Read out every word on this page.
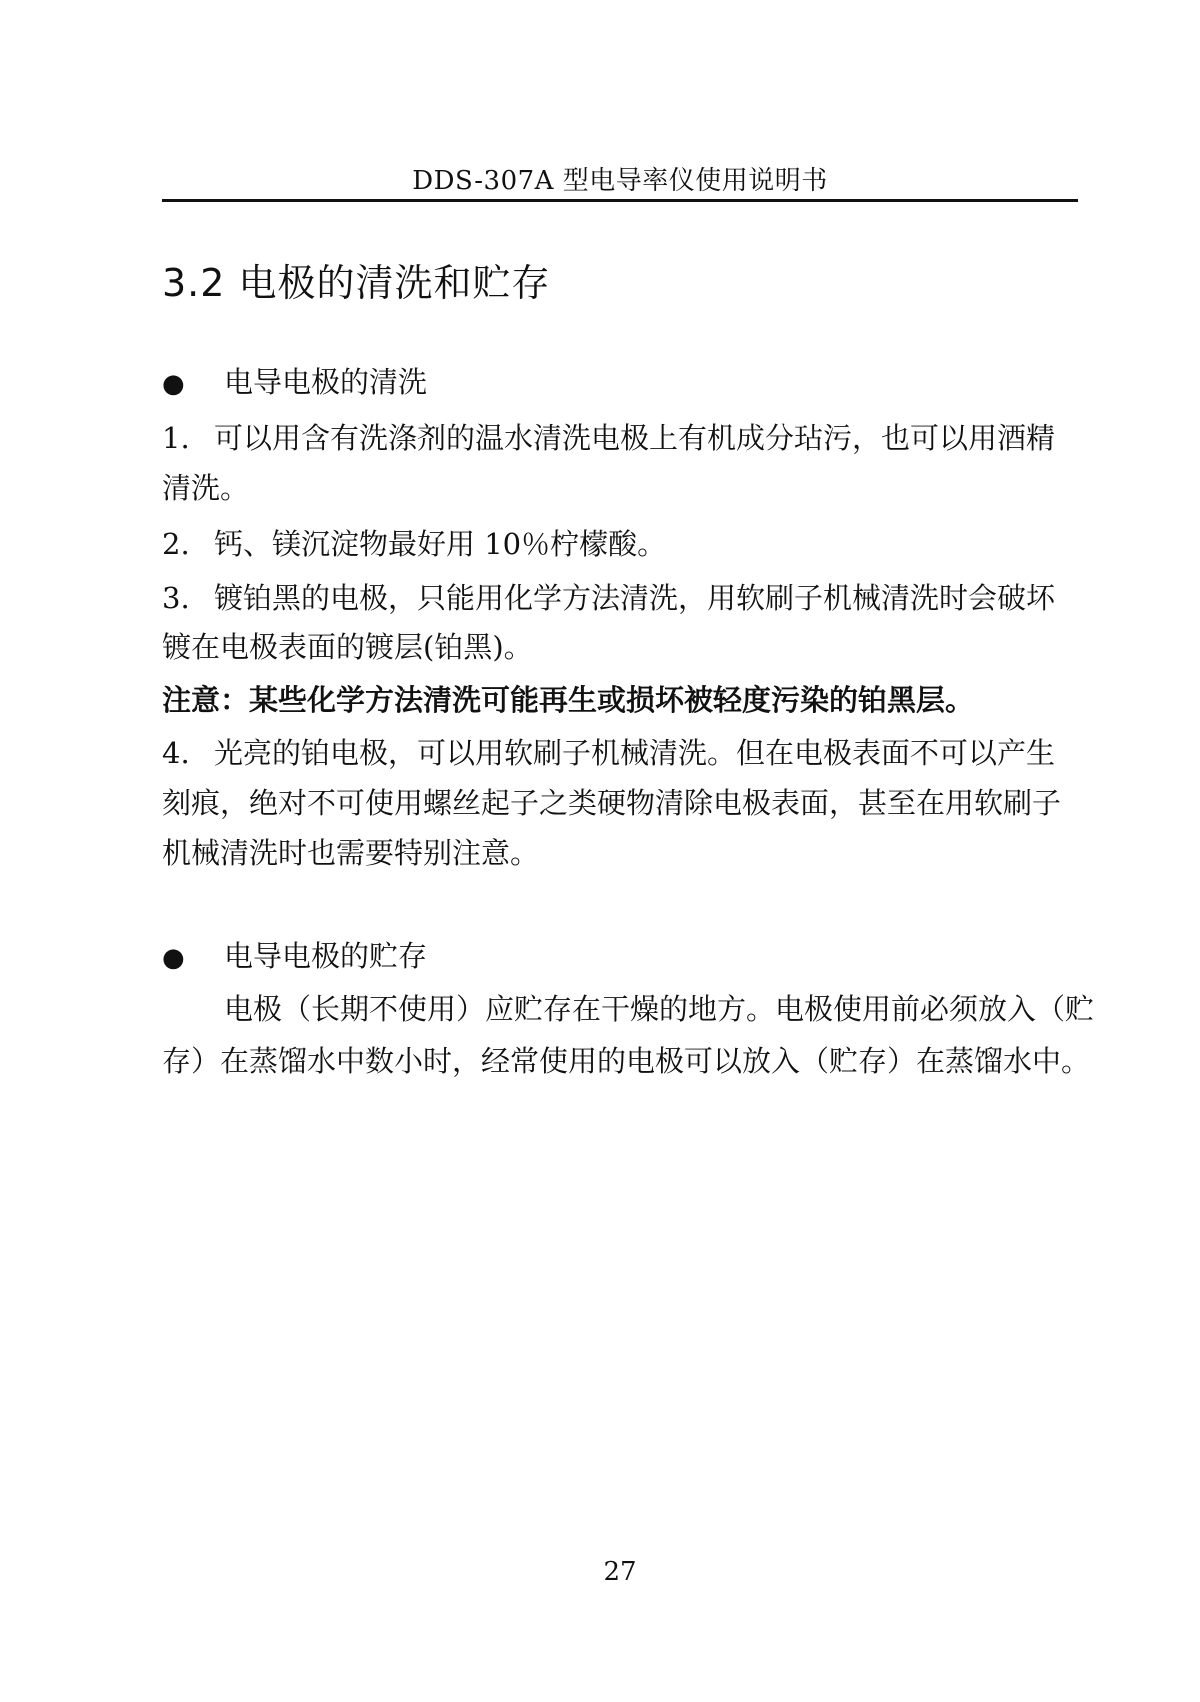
DDS-307A 型电导率仪使用说明书
3.2 电极的清洗和贮存
● 电导电极的清洗
1. 可以用含有洗涤剂的温水清洗电极上有机成分玷污，也可以用酒精
清洗。
2. 钙、镁沉淀物最好用 10％柠檬酸。
3. 镀铂黑的电极，只能用化学方法清洗，用软刷子机械清洗时会破坏
镀在电极表面的镀层(铂黑)。
注意：某些化学方法清洗可能再生或损坏被轻度污染的铂黑层。
4. 光亮的铂电极，可以用软刷子机械清洗。但在电极表面不可以产生
刻痕，绝对不可使用螺丝起子之类硬物清除电极表面，甚至在用软刷子
机械清洗时也需要特别注意。
● 电导电极的贮存
电极（长期不使用）应贮存在干燥的地方。电极使用前必须放入（贮
存）在蒸馏水中数小时，经常使用的电极可以放入（贮存）在蒸馏水中。
27
